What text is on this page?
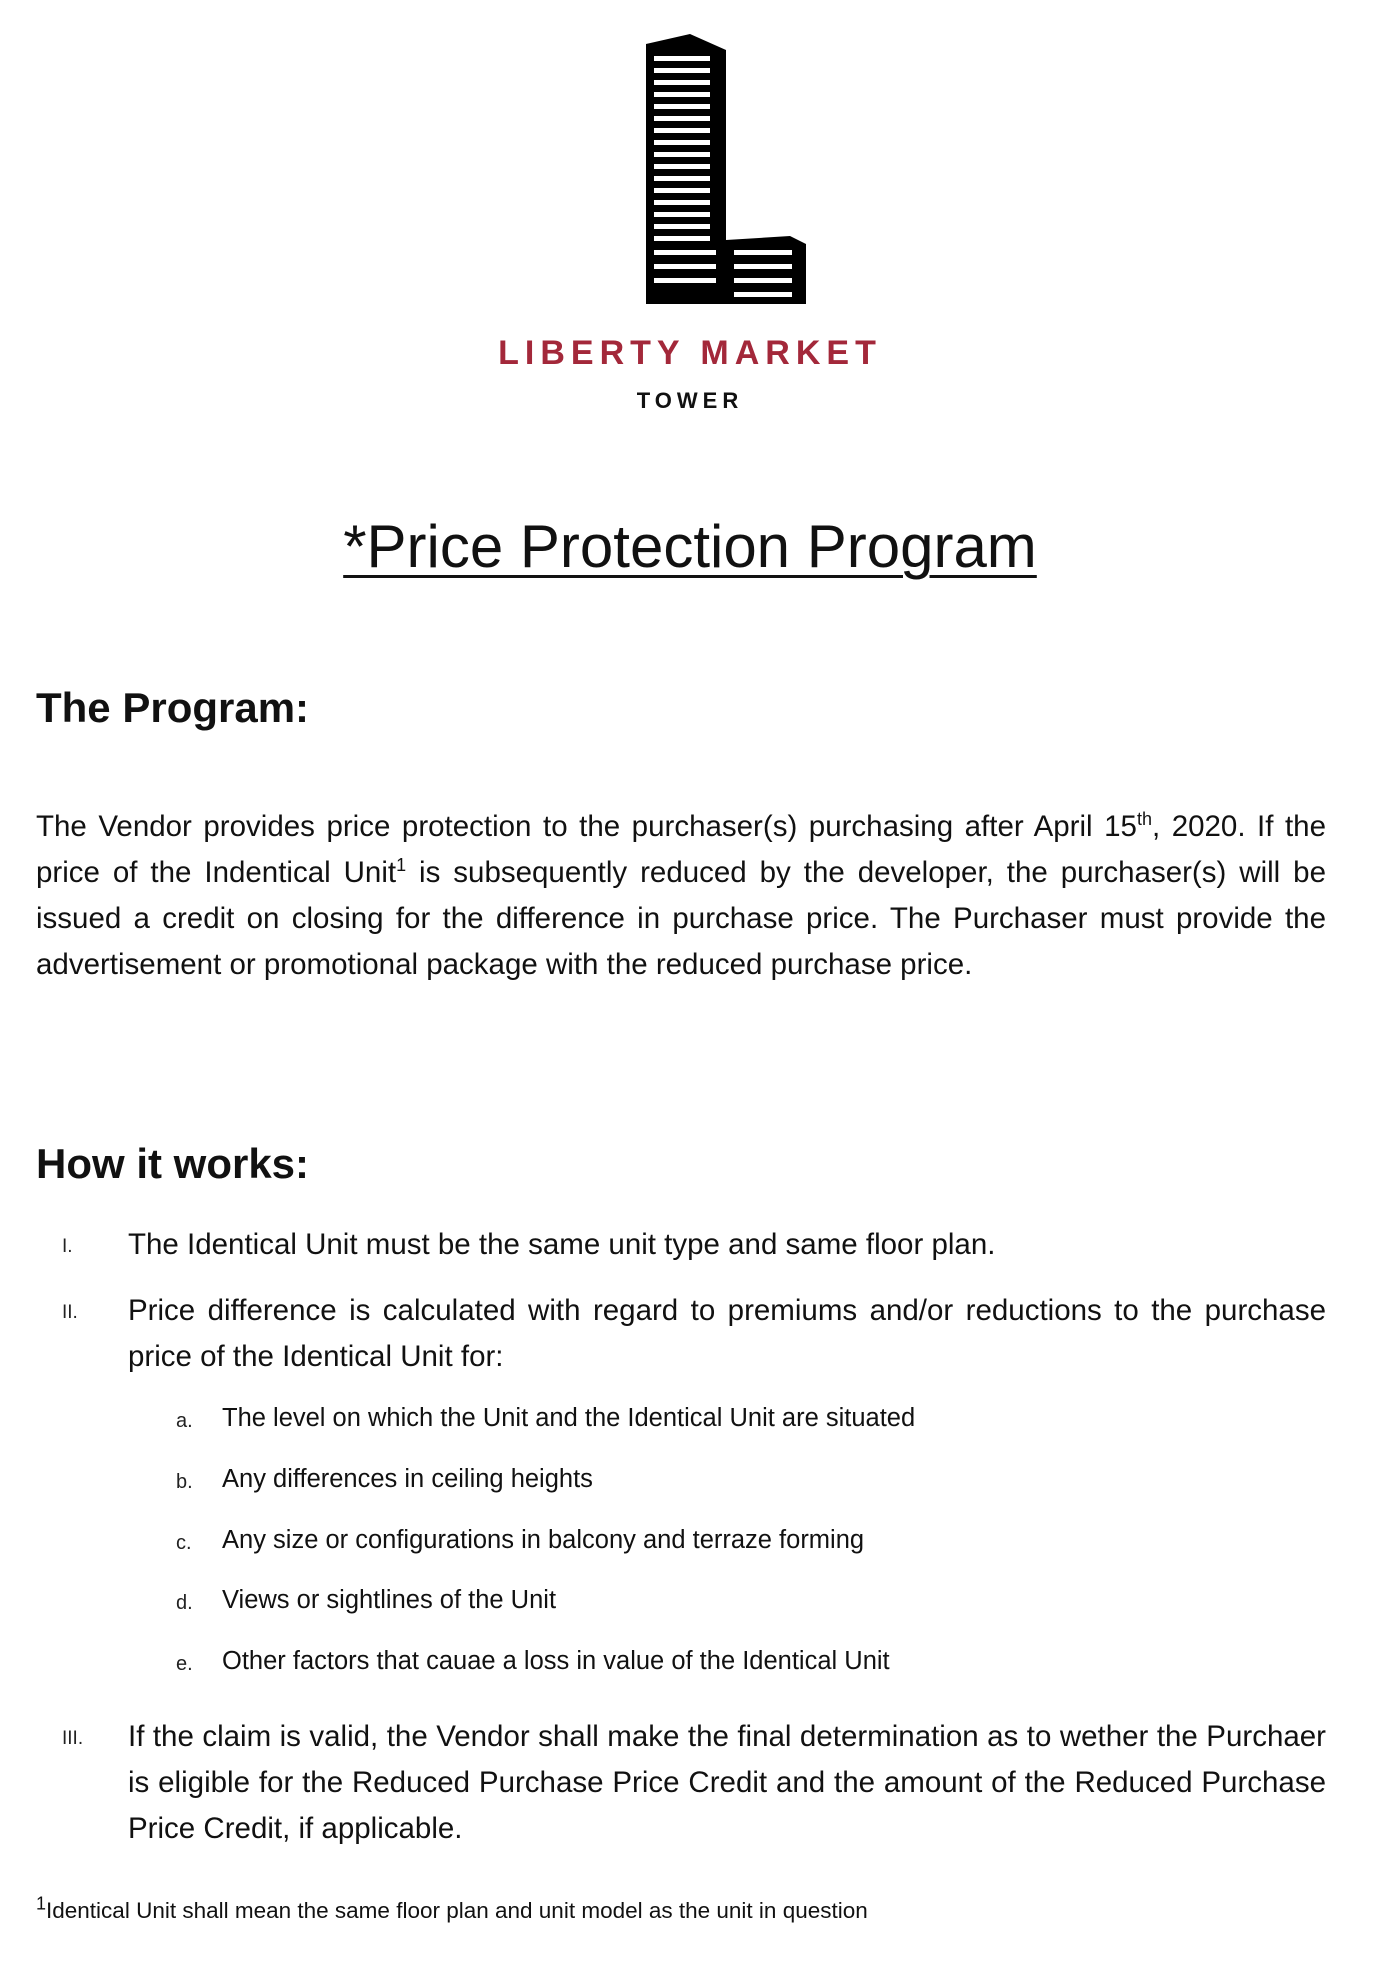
LIBERTY MARKET
TOWER
*Price Protection Program
The Program:
The Vendor provides price protection to the purchaser(s) purchasing after April 15th, 2020. If the price of the Indentical Unit$^1$ is subsequently reduced by the developer, the purchaser(s) will be issued a credit on closing for the difference in purchase price. The Purchaser must provide the advertisement or promotional package with the reduced purchase price.
How it works:
I. The Identical Unit must be the same unit type and same floor plan.
II. Price difference is calculated with regard to premiums and/or reductions to the purchase price of the Identical Unit for:
a. The level on which the Unit and the Identical Unit are situated
b. Any differences in ceiling heights
c. Any size or configurations in balcony and terraze forming
d. Views or sightlines of the Unit
e. Other factors that cauae a loss in value of the Identical Unit
III. If the claim is valid, the Vendor shall make the final determination as to wether the Purchaer is eligible for the Reduced Purchase Price Credit and the amount of the Reduced Purchase Price Credit, if applicable.
$^1$Identical Unit shall mean the same floor plan and unit model as the unit in question
